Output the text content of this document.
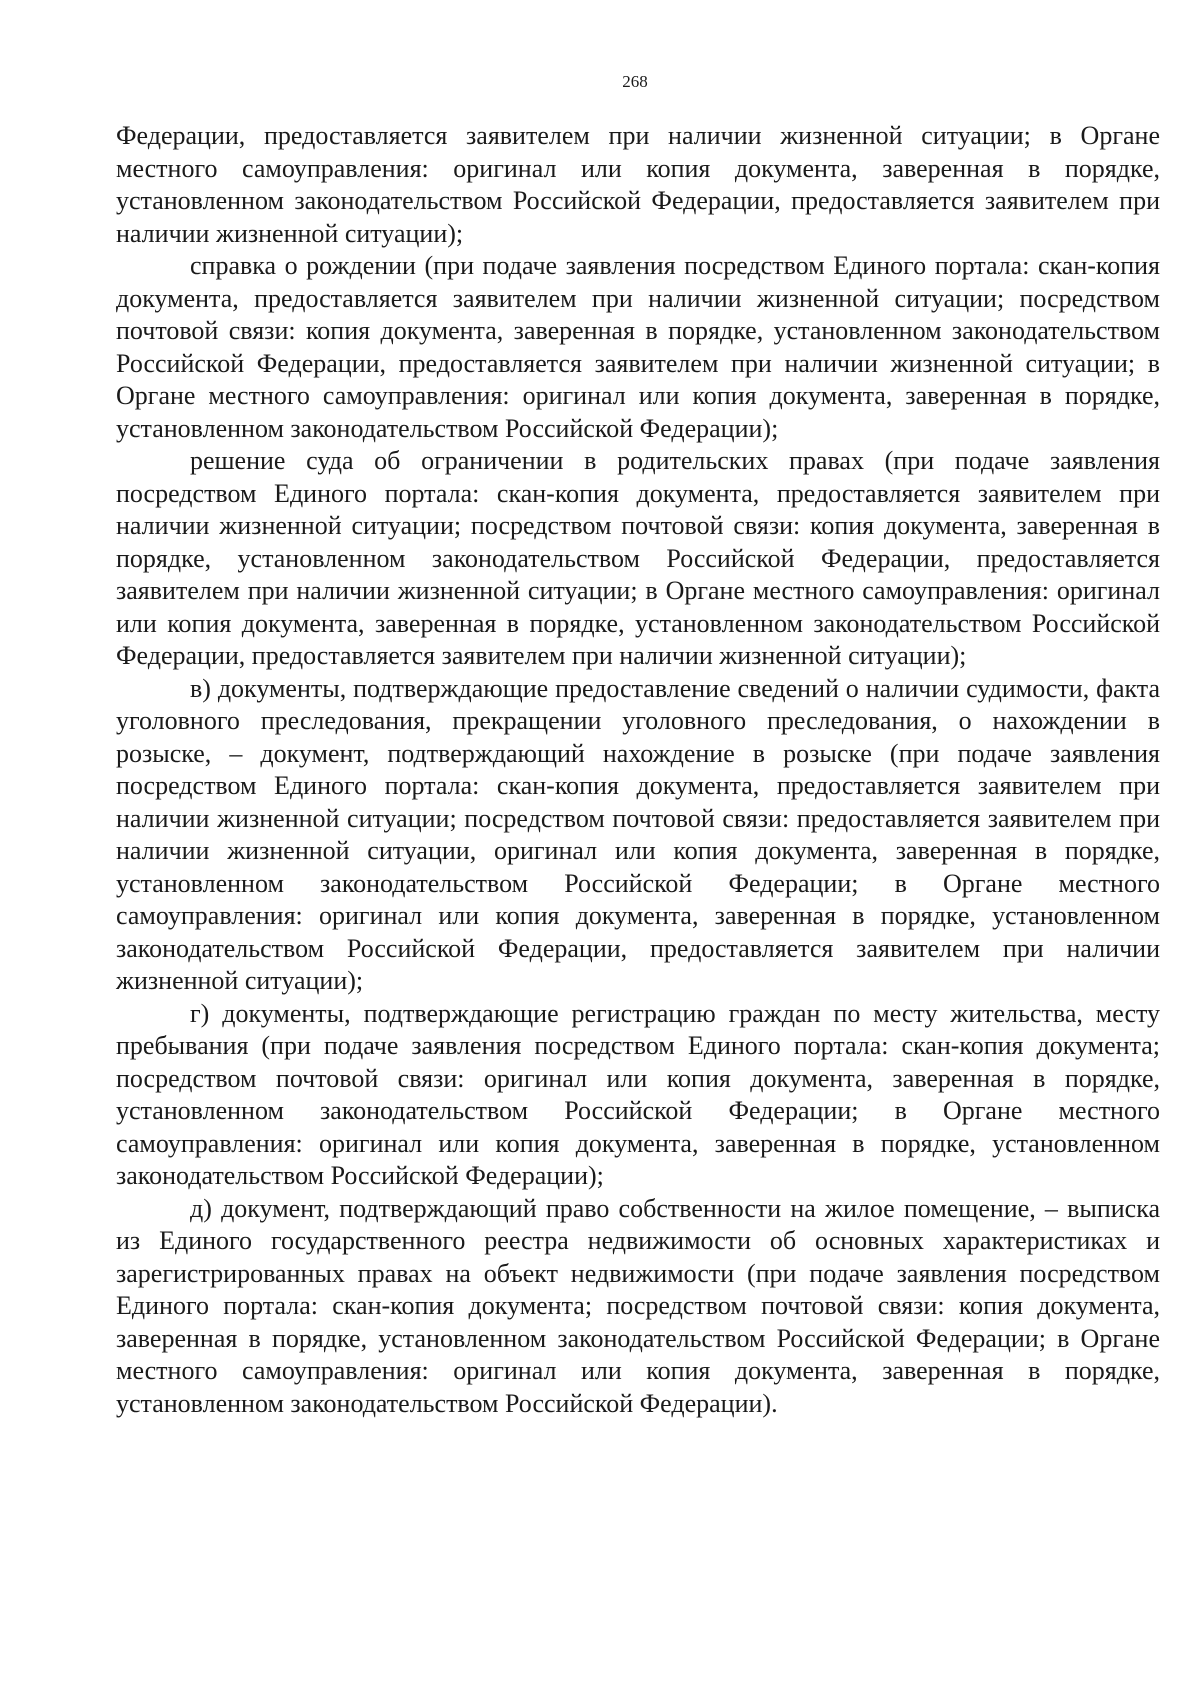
268

Федерации, предоставляется заявителем при наличии жизненной ситуации; в Органе местного самоуправления: оригинал или копия документа, заверенная в порядке, установленном законодательством Российской Федерации, предоставляется заявителем при наличии жизненной ситуации);

справка о рождении (при подаче заявления посредством Единого портала: скан-копия документа, предоставляется заявителем при наличии жизненной ситуации; посредством почтовой связи: копия документа, заверенная в порядке, установленном законодательством Российской Федерации, предоставляется заявителем при наличии жизненной ситуации; в Органе местного самоуправления: оригинал или копия документа, заверенная в порядке, установленном законодательством Российской Федерации);

решение суда об ограничении в родительских правах (при подаче заявления посредством Единого портала: скан-копия документа, предоставляется заявителем при наличии жизненной ситуации; посредством почтовой связи: копия документа, заверенная в порядке, установленном законодательством Российской Федерации, предоставляется заявителем при наличии жизненной ситуации; в Органе местного самоуправления: оригинал или копия документа, заверенная в порядке, установленном законодательством Российской Федерации, предоставляется заявителем при наличии жизненной ситуации);

в) документы, подтверждающие предоставление сведений о наличии судимости, факта уголовного преследования, прекращении уголовного преследования, о нахождении в розыске, – документ, подтверждающий нахождение в розыске (при подаче заявления посредством Единого портала: скан-копия документа, предоставляется заявителем при наличии жизненной ситуации; посредством почтовой связи: предоставляется заявителем при наличии жизненной ситуации, оригинал или копия документа, заверенная в порядке, установленном законодательством Российской Федерации; в Органе местного самоуправления: оригинал или копия документа, заверенная в порядке, установленном законодательством Российской Федерации, предоставляется заявителем при наличии жизненной ситуации);

г) документы, подтверждающие регистрацию граждан по месту жительства, месту пребывания (при подаче заявления посредством Единого портала: скан-копия документа; посредством почтовой связи: оригинал или копия документа, заверенная в порядке, установленном законодательством Российской Федерации; в Органе местного самоуправления: оригинал или копия документа, заверенная в порядке, установленном законодательством Российской Федерации);

д) документ, подтверждающий право собственности на жилое помещение, – выписка из Единого государственного реестра недвижимости об основных характеристиках и зарегистрированных правах на объект недвижимости (при подаче заявления посредством Единого портала: скан-копия документа; посредством почтовой связи: копия документа, заверенная в порядке, установленном законодательством Российской Федерации; в Органе местного самоуправления: оригинал или копия документа, заверенная в порядке, установленном законодательством Российской Федерации).
